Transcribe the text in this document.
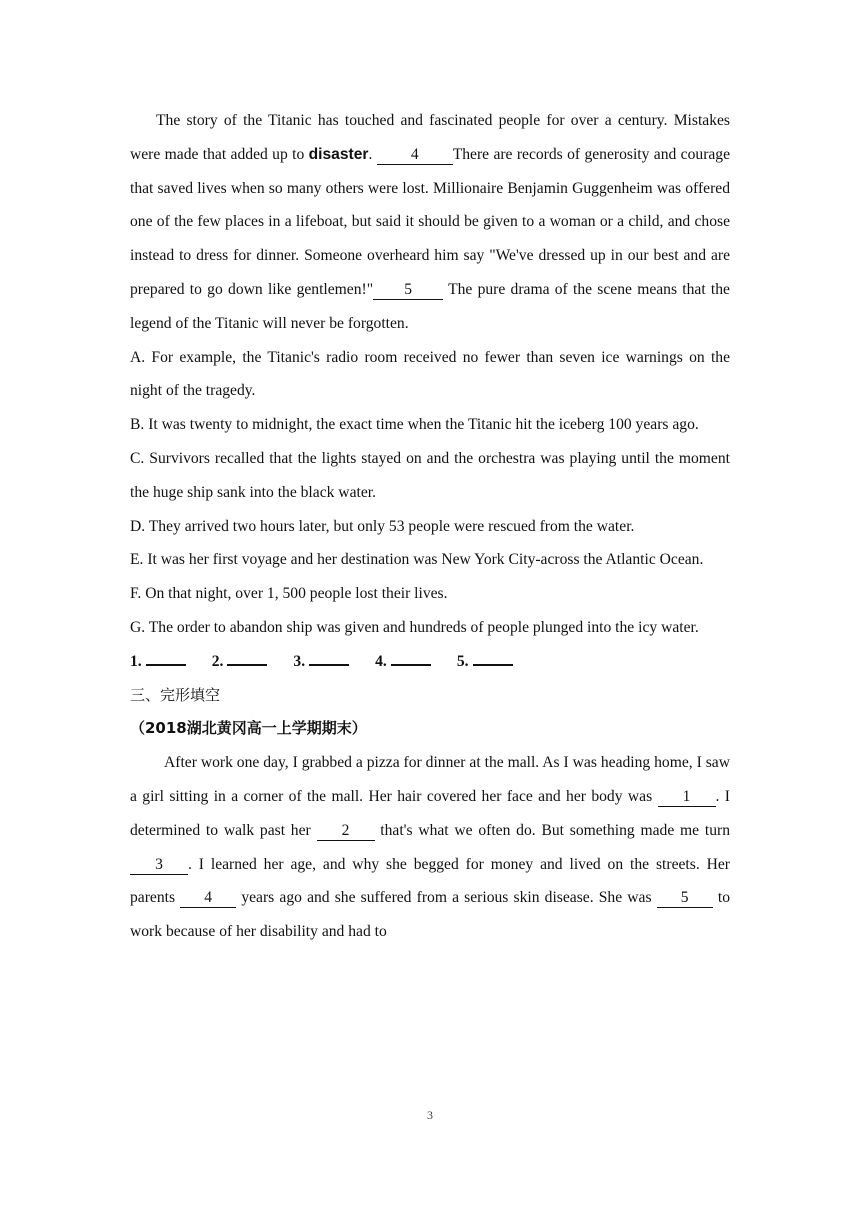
The story of the Titanic has touched and fascinated people for over a century. Mistakes were made that added up to disaster. 4 There are records of generosity and courage that saved lives when so many others were lost. Millionaire Benjamin Guggenheim was offered one of the few places in a lifeboat, but said it should be given to a woman or a child, and chose instead to dress for dinner. Someone overheard him say "We've dressed up in our best and are prepared to go down like gentlemen!" 5 The pure drama of the scene means that the legend of the Titanic will never be forgotten.

A. For example, the Titanic's radio room received no fewer than seven ice warnings on the night of the tragedy.

B. It was twenty to midnight, the exact time when the Titanic hit the iceberg 100 years ago.

C. Survivors recalled that the lights stayed on and the orchestra was playing until the moment the huge ship sank into the black water.

D. They arrived two hours later, but only 53 people were rescued from the water.

E. It was her first voyage and her destination was New York City-across the Atlantic Ocean.

F. On that night, over 1, 500 people lost their lives.

G. The order to abandon ship was given and hundreds of people plunged into the icy water.

1.	2.	3.	4.	5.

三、完形填空

（2018湖北黄冈高一上学期期末）

After work one day, I grabbed a pizza for dinner at the mall. As I was heading home, I saw a girl sitting in a corner of the mall. Her hair covered her face and her body was 1 . I determined to walk past her 2 that's what we often do. But something made me turn 3 . I learned her age, and why she begged for money and lived on the streets. Her parents 4 years ago and she suffered from a serious skin disease. She was 5 to work because of her disability and had to

3
